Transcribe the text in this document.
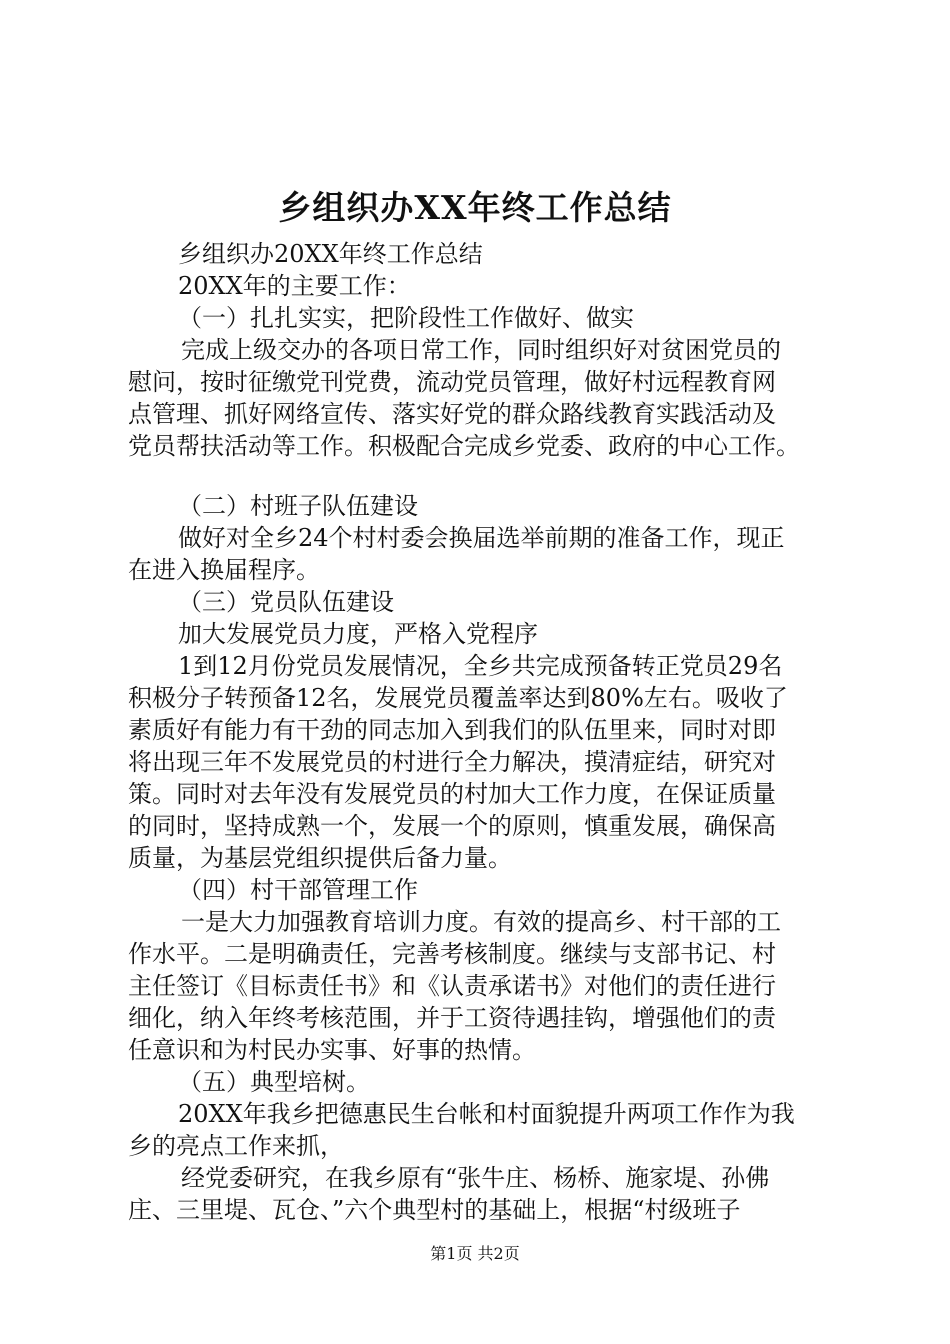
乡组织办XX年终工作总结
乡组织办20XX年终工作总结
20XX年的主要工作：
（一）扎扎实实，把阶段性工作做好、做实
完成上级交办的各项日常工作，同时组织好对贫困党员的
慰问，按时征缴党刊党费，流动党员管理，做好村远程教育网
点管理、抓好网络宣传、落实好党的群众路线教育实践活动及
党员帮扶活动等工作。积极配合完成乡党委、政府的中心工作。
（二）村班子队伍建设
做好对全乡24个村村委会换届选举前期的准备工作，现正
在进入换届程序。
（三）党员队伍建设
加大发展党员力度，严格入党程序
1到12月份党员发展情况，全乡共完成预备转正党员29名
积极分子转预备12名，发展党员覆盖率达到80%左右。吸收了
素质好有能力有干劲的同志加入到我们的队伍里来，同时对即
将出现三年不发展党员的村进行全力解决，摸清症结，研究对
策。同时对去年没有发展党员的村加大工作力度，在保证质量
的同时，坚持成熟一个，发展一个的原则，慎重发展，确保高
质量，为基层党组织提供后备力量。
（四）村干部管理工作
一是大力加强教育培训力度。有效的提高乡、村干部的工
作水平。二是明确责任，完善考核制度。继续与支部书记、村
主任签订《目标责任书》和《认责承诺书》对他们的责任进行
细化，纳入年终考核范围，并于工资待遇挂钩，增强他们的责
任意识和为村民办实事、好事的热情。
（五）典型培树。
20XX年我乡把德惠民生台帐和村面貌提升两项工作作为我
乡的亮点工作来抓，
经党委研究，在我乡原有“张牛庄、杨桥、施家堤、孙佛
庄、三里堤、瓦仓、”六个典型村的基础上，根据“村级班子
第1页 共2页
